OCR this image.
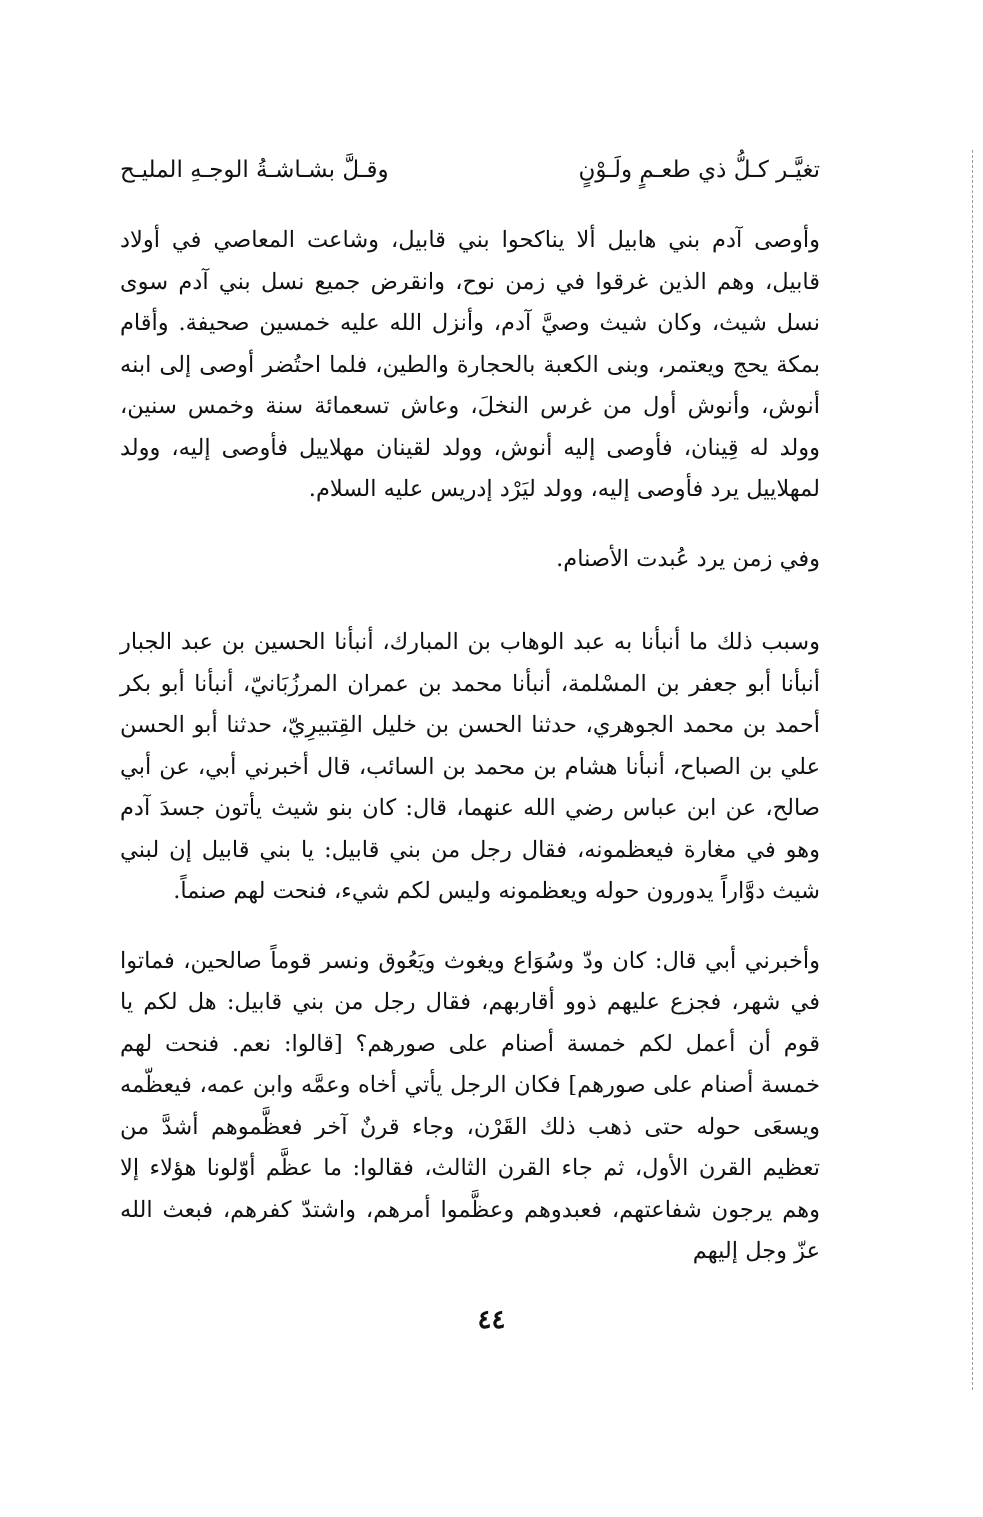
تغيَّـر كـلُّ ذي طعـمٍ ولَـوْنٍ
وقـلَّ بشـاشـةُ الوجـهِ المليـح

وأوصى آدم بني هابيل ألا يناكحوا بني قابيل، وشاعت المعاصي في أولاد قابيل، وهم الذين غرقوا في زمن نوح، وانقرض جميع نسل بني آدم سوى نسل شيث، وكان شيث وصيَّ آدم، وأنزل الله عليه خمسين صحيفة. وأقام بمكة يحج ويعتمر، وبنى الكعبة بالحجارة والطين، فلما احتُضر أوصى إلى ابنه أنوش، وأنوش أول من غرس النخلَ، وعاش تسعمائة سنة وخمس سنين، وولد له قِينان، فأوصى إليه أنوش، وولد لقينان مهلاييل فأوصى إليه، وولد لمهلاييل يرد فأوصى إليه، وولد ليَرْد إدريس عليه السلام.

وفي زمن يرد عُبدت الأصنام.

وسبب ذلك ما أنبأنا به عبد الوهاب بن المبارك، أنبأنا الحسين بن عبد الجبار أنبأنا أبو جعفر بن المسْلمة، أنبأنا محمد بن عمران المرزُبَانيّ، أنبأنا أبو بكر أحمد بن محمد الجوهري، حدثنا الحسن بن خليل القِتبيرِيّ، حدثنا أبو الحسن علي بن الصباح، أنبأنا هشام بن محمد بن السائب، قال أخبرني أبي، عن أبي صالح، عن ابن عباس رضي الله عنهما، قال: كان بنو شيث يأتون جسدَ آدم وهو في مغارة فيعظمونه، فقال رجل من بني قابيل: يا بني قابيل إن لبني شيث دوَّاراً يدورون حوله ويعظمونه وليس لكم شيء، فنحت لهم صنماً.

وأخبرني أبي قال: كان ودّ وسُوَاع ويغوث ويَعُوق ونسر قوماً صالحين، فماتوا في شهر، فجزع عليهم ذوو أقاربهم، فقال رجل من بني قابيل: هل لكم يا قوم أن أعمل لكم خمسة أصنام على صورهم؟ [قالوا: نعم. فنحت لهم خمسة أصنام على صورهم] فكان الرجل يأتي أخاه وعمَّه وابن عمه، فيعظّمه ويسعَى حوله حتى ذهب ذلك القَرْن، وجاء قرنٌ آخر فعظَّموهم أشدَّ من تعظيم القرن الأول، ثم جاء القرن الثالث، فقالوا: ما عظَّم أوّلونا هؤلاء إلا وهم يرجون شفاعتهم، فعبدوهم وعظَّموا أمرهم، واشتدّ كفرهم، فبعث الله عزّ وجل إليهم

٤٤
